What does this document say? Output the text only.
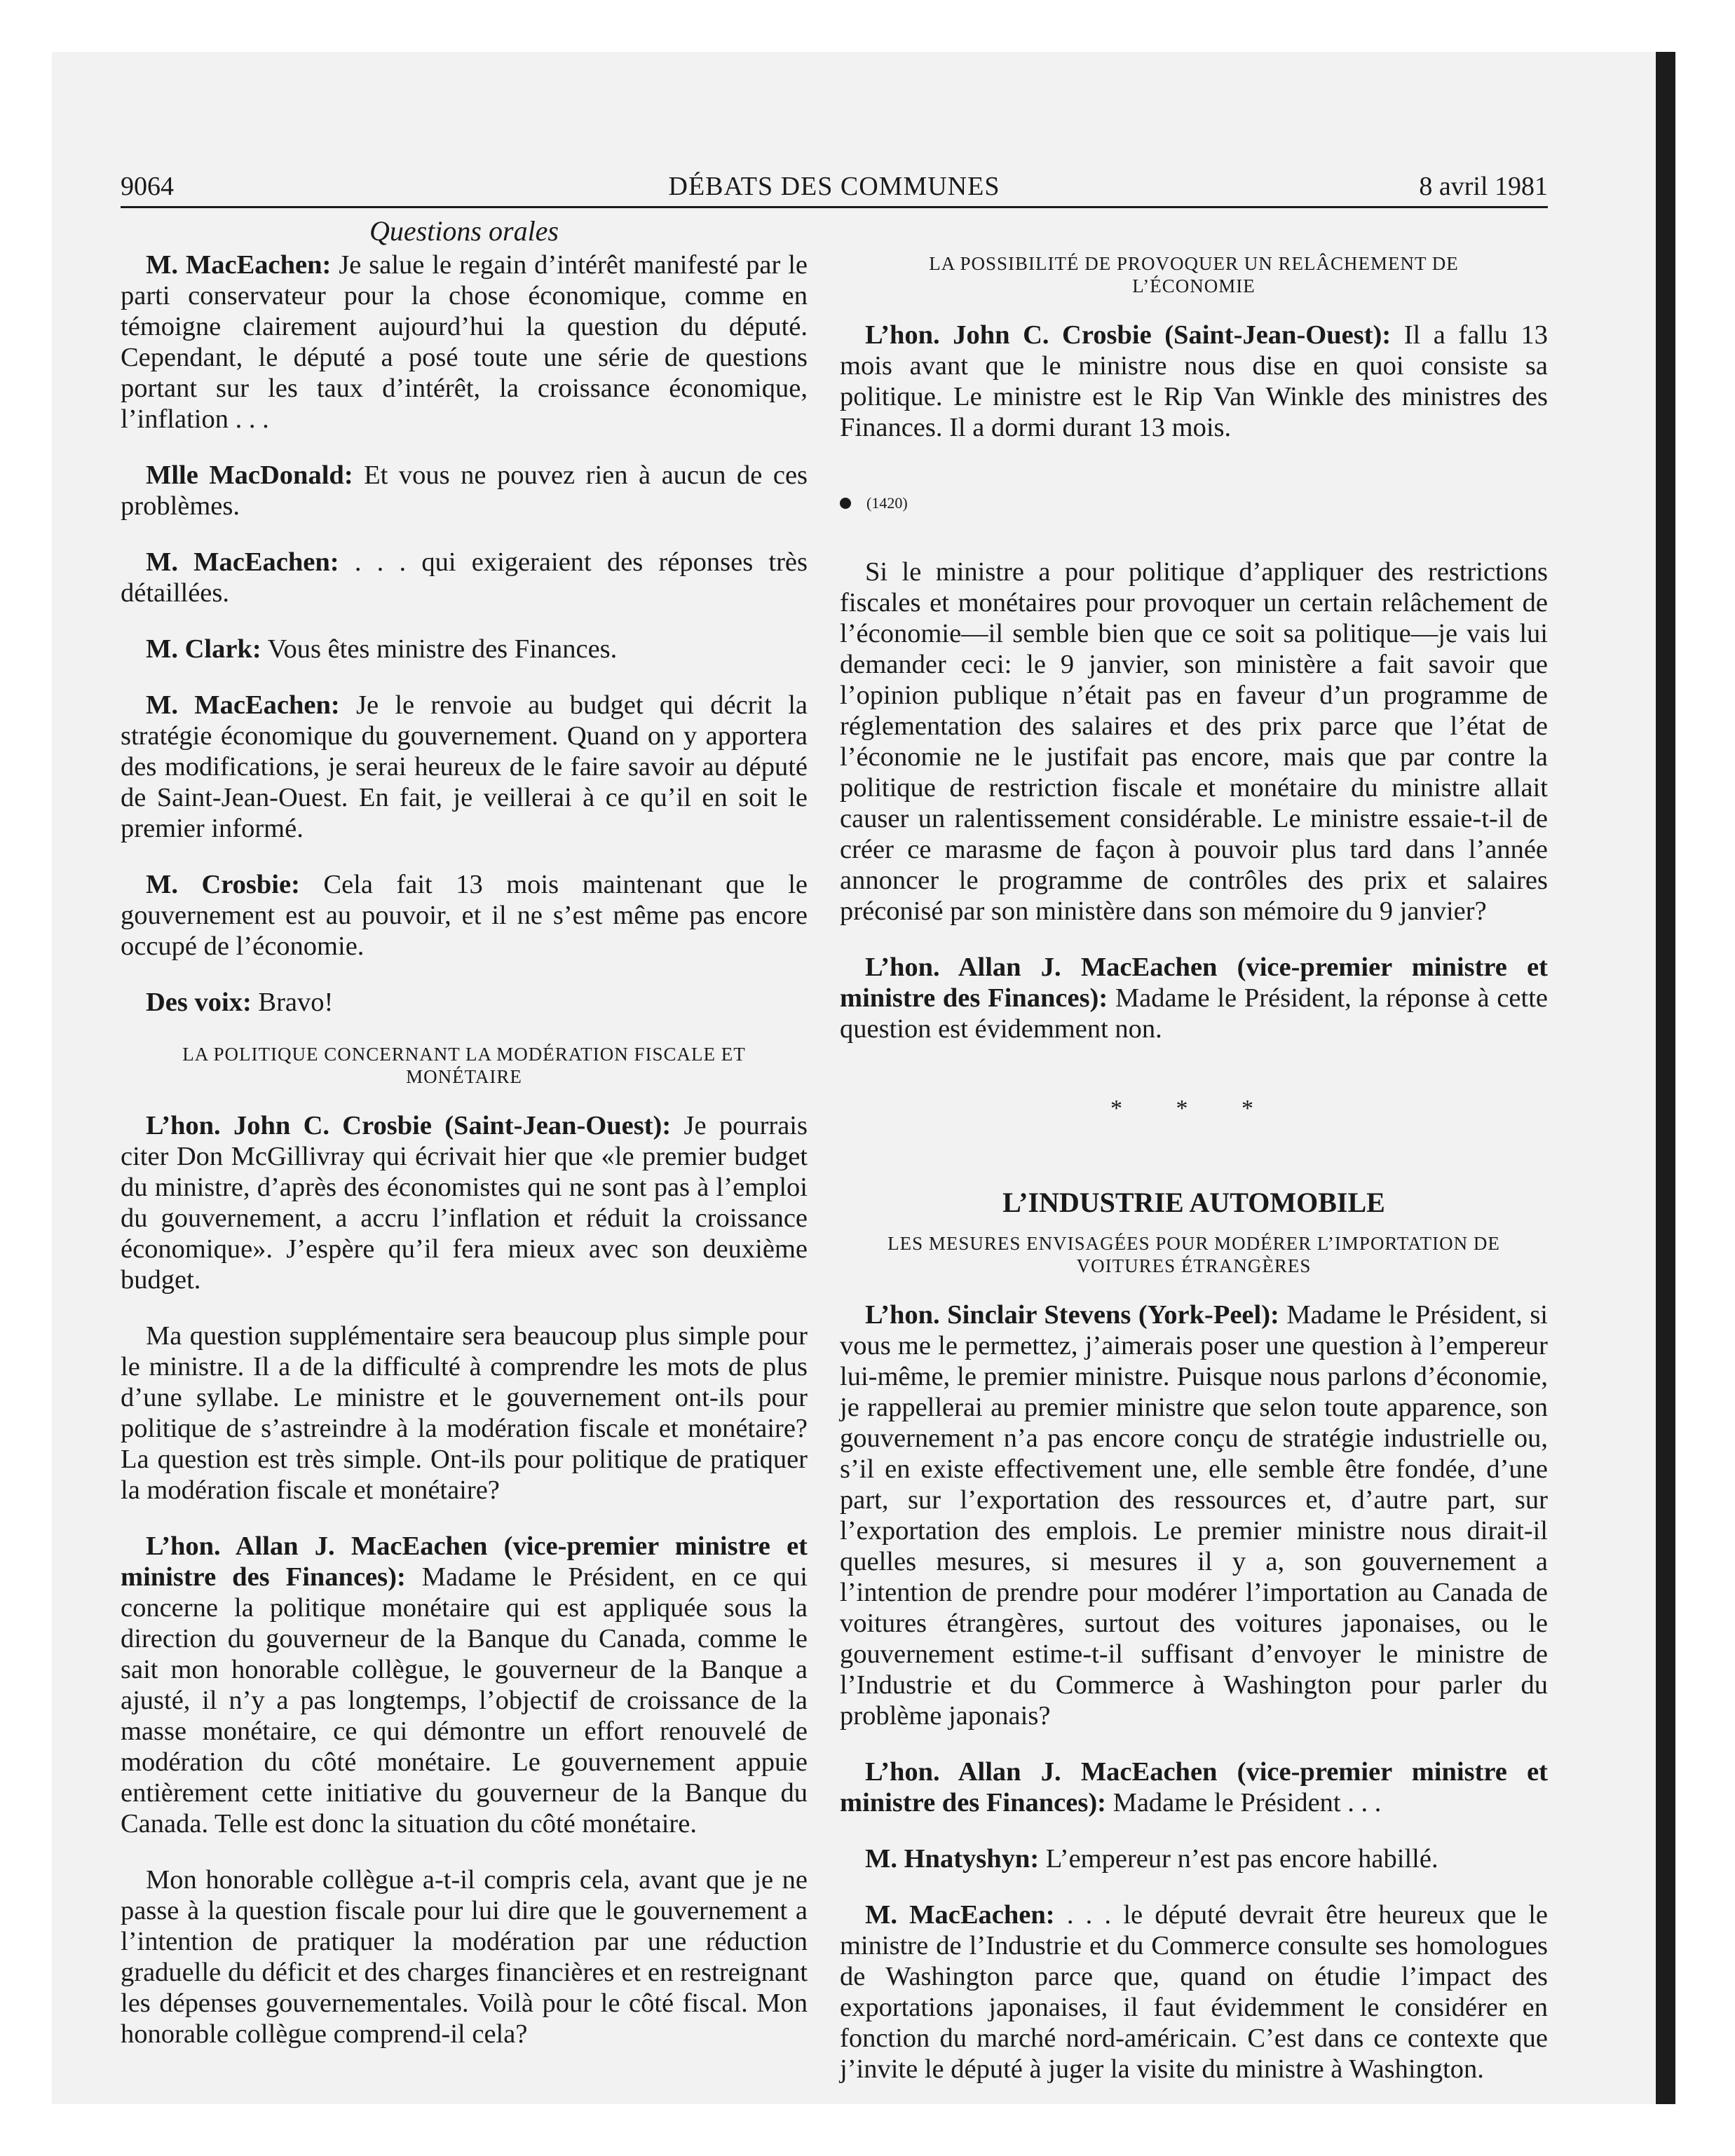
9064	DÉBATS DES COMMUNES	8 avril 1981
Questions orales

M. MacEachen: Je salue le regain d’intérêt manifesté par le parti conservateur pour la chose économique, comme en témoigne clairement aujourd’hui la question du député. Cependant, le député a posé toute une série de questions portant sur les taux d’intérêt, la croissance économique, l’inflation . . .

Mlle MacDonald: Et vous ne pouvez rien à aucun de ces problèmes.

M. MacEachen: . . . qui exigeraient des réponses très détaillées.

M. Clark: Vous êtes ministre des Finances.

M. MacEachen: Je le renvoie au budget qui décrit la stratégie économique du gouvernement. Quand on y apportera des modifications, je serai heureux de le faire savoir au député de Saint-Jean-Ouest. En fait, je veillerai à ce qu’il en soit le premier informé.

M. Crosbie: Cela fait 13 mois maintenant que le gouvernement est au pouvoir, et il ne s’est même pas encore occupé de l’économie.

Des voix: Bravo!

LA POLITIQUE CONCERNANT LA MODÉRATION FISCALE ET MONÉTAIRE

L’hon. John C. Crosbie (Saint-Jean-Ouest): Je pourrais citer Don McGillivray qui écrivait hier que «le premier budget du ministre, d’après des économistes qui ne sont pas à l’emploi du gouvernement, a accru l’inflation et réduit la croissance économique». J’espère qu’il fera mieux avec son deuxième budget.

Ma question supplémentaire sera beaucoup plus simple pour le ministre. Il a de la difficulté à comprendre les mots de plus d’une syllabe. Le ministre et le gouvernement ont-ils pour politique de s’astreindre à la modération fiscale et monétaire? La question est très simple. Ont-ils pour politique de pratiquer la modération fiscale et monétaire?

L’hon. Allan J. MacEachen (vice-premier ministre et ministre des Finances): Madame le Président, en ce qui concerne la politique monétaire qui est appliquée sous la direction du gouverneur de la Banque du Canada, comme le sait mon honorable collègue, le gouverneur de la Banque a ajusté, il n’y a pas longtemps, l’objectif de croissance de la masse monétaire, ce qui démontre un effort renouvelé de modération du côté monétaire. Le gouvernement appuie entièrement cette initiative du gouverneur de la Banque du Canada. Telle est donc la situation du côté monétaire.

Mon honorable collègue a-t-il compris cela, avant que je ne passe à la question fiscale pour lui dire que le gouvernement a l’intention de pratiquer la modération par une réduction graduelle du déficit et des charges financières et en restreignant les dépenses gouvernementales. Voilà pour le côté fiscal. Mon honorable collègue comprend-il cela?

LA POSSIBILITÉ DE PROVOQUER UN RELÂCHEMENT DE L’ÉCONOMIE

L’hon. John C. Crosbie (Saint-Jean-Ouest): Il a fallu 13 mois avant que le ministre nous dise en quoi consiste sa politique. Le ministre est le Rip Van Winkle des ministres des Finances. Il a dormi durant 13 mois.

(1420)

Si le ministre a pour politique d’appliquer des restrictions fiscales et monétaires pour provoquer un certain relâchement de l’économie—il semble bien que ce soit sa politique—je vais lui demander ceci: le 9 janvier, son ministère a fait savoir que l’opinion publique n’était pas en faveur d’un programme de réglementation des salaires et des prix parce que l’état de l’économie ne le justifait pas encore, mais que par contre la politique de restriction fiscale et monétaire du ministre allait causer un ralentissement considérable. Le ministre essaie-t-il de créer ce marasme de façon à pouvoir plus tard dans l’année annoncer le programme de contrôles des prix et salaires préconisé par son ministère dans son mémoire du 9 janvier?

L’hon. Allan J. MacEachen (vice-premier ministre et ministre des Finances): Madame le Président, la réponse à cette question est évidemment non.

* * *
L’INDUSTRIE AUTOMOBILE
LES MESURES ENVISAGÉES POUR MODÉRER L’IMPORTATION DE VOITURES ÉTRANGÈRES

L’hon. Sinclair Stevens (York-Peel): Madame le Président, si vous me le permettez, j’aimerais poser une question à l’empereur lui-même, le premier ministre. Puisque nous parlons d’économie, je rappellerai au premier ministre que selon toute apparence, son gouvernement n’a pas encore conçu de stratégie industrielle ou, s’il en existe effectivement une, elle semble être fondée, d’une part, sur l’exportation des ressources et, d’autre part, sur l’exportation des emplois. Le premier ministre nous dirait-il quelles mesures, si mesures il y a, son gouvernement a l’intention de prendre pour modérer l’importation au Canada de voitures étrangères, surtout des voitures japonaises, ou le gouvernement estime-t-il suffisant d’envoyer le ministre de l’Industrie et du Commerce à Washington pour parler du problème japonais?

L’hon. Allan J. MacEachen (vice-premier ministre et ministre des Finances): Madame le Président . . .

M. Hnatyshyn: L’empereur n’est pas encore habillé.

M. MacEachen: . . . le député devrait être heureux que le ministre de l’Industrie et du Commerce consulte ses homologues de Washington parce que, quand on étudie l’impact des exportations japonaises, il faut évidemment le considérer en fonction du marché nord-américain. C’est dans ce contexte que j’invite le député à juger la visite du ministre à Washington.
